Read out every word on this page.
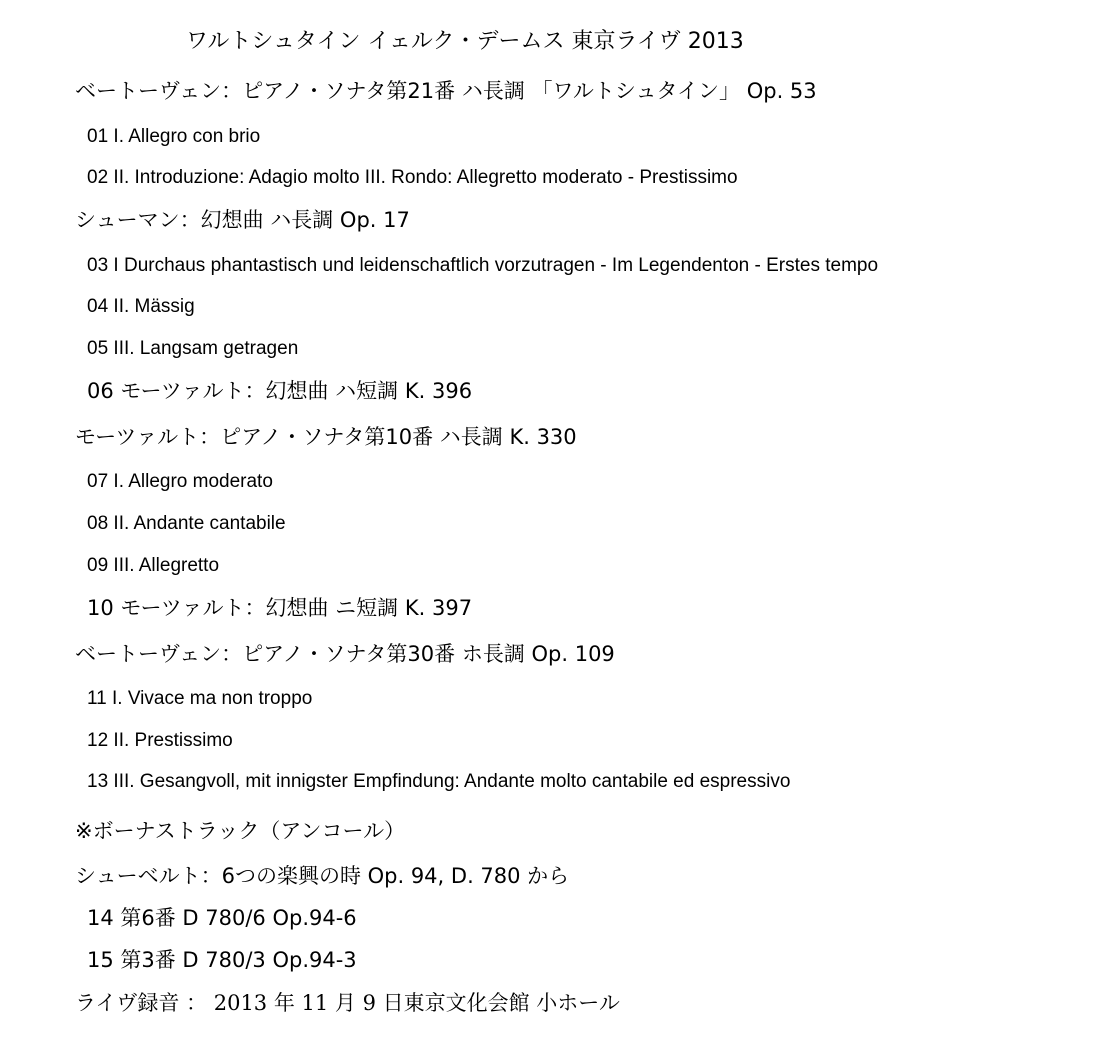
ワルトシュタイン イェルク・デームス 東京ライヴ 2013
ベートーヴェン：ピアノ・ソナタ第21番 ハ長調 「ワルトシュタイン」 Op. 53
01 I. Allegro con brio
02 II. Introduzione: Adagio molto III. Rondo: Allegretto moderato - Prestissimo
シューマン：幻想曲 ハ長調 Op. 17
03 I Durchaus phantastisch und leidenschaftlich vorzutragen - Im Legendenton - Erstes tempo
04 II. Mässig
05 III. Langsam getragen
06 モーツァルト：幻想曲 ハ短調 K. 396
モーツァルト：ピアノ・ソナタ第10番 ハ長調 K. 330
07 I. Allegro moderato
08 II. Andante cantabile
09 III. Allegretto
10 モーツァルト：幻想曲 ニ短調 K. 397
ベートーヴェン：ピアノ・ソナタ第30番 ホ長調 Op. 109
11 I. Vivace ma non troppo
12 II. Prestissimo
13 III. Gesangvoll, mit innigster Empfindung: Andante molto cantabile ed espressivo
※ボーナストラック（アンコール）
シューベルト：6つの楽興の時 Op. 94, D. 780 から
14 第6番 D 780/6 Op.94-6
15 第3番 D 780/3 Op.94-3
ライヴ録音 ： 2013 年 11 月 9 日東京文化会館 小ホール
